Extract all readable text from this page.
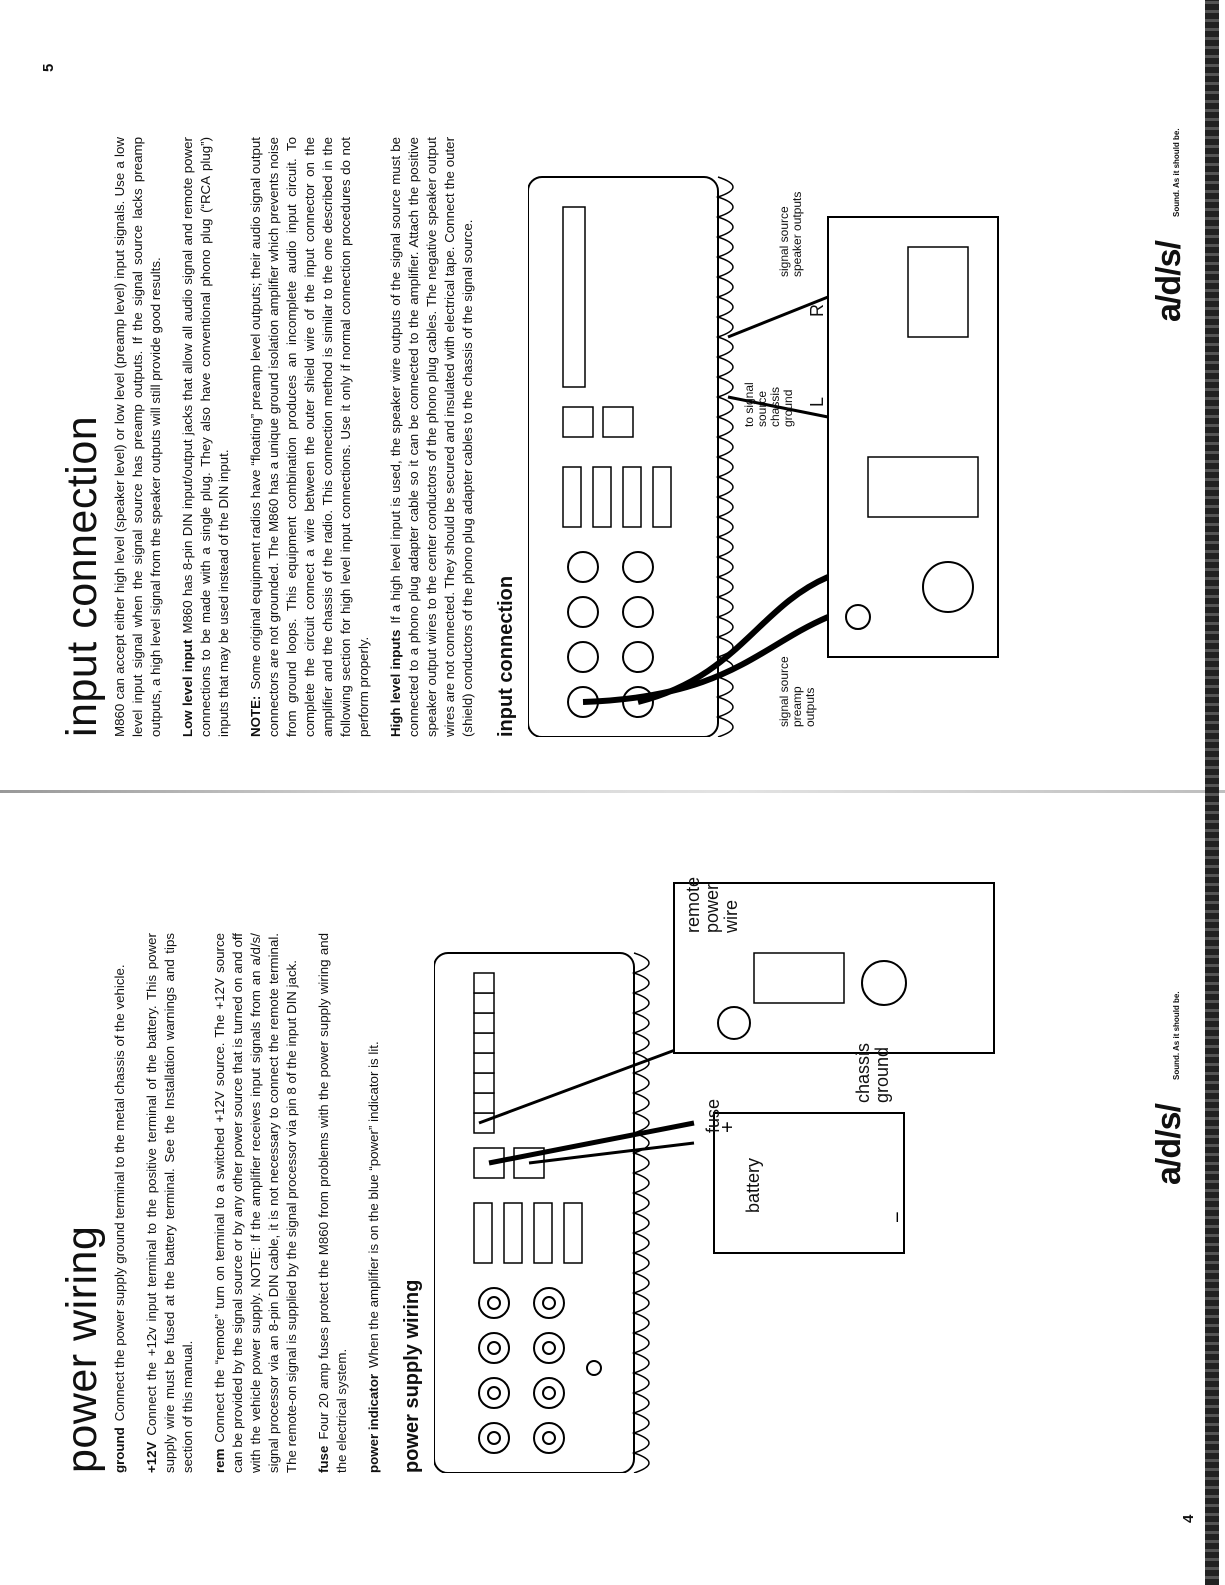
power wiring groundConnect the power supply ground terminal to the metal chassis of the vehicle.

+12VConnect the +12v input terminal to the positive terminal of the battery. This power supply wire must be fused at the battery terminal. See the Installation warnings and tips section of this manual. remConnect the “remote” turn on terminal to a switched +12V source. The +12V source can be provided by the signal source or by any other power source that is turned on and off with the vehicle power supply. NOTE: If the amplifier receives input signals from an a/d/s/ signal processor via an 8-pin DIN cable, it is not necessary to connect the remote terminal. The remote-on signal is supplied by the signal processor via pin 8 of the input DIN jack. fuseFour 20 amp fuses protect the M860 from problems with the power supply wiring and the electrical system. power indicatorWhen the amplifier is on the blue “power” indicator is lit.

power supply wiring
−
+
battery
fuse
chassis ground
remote power wire
a/d/s/
Sound. As it should be.
4
input connection M860 can accept either high level (speaker level) or low level (preamp level) input signals. Use a low level input signal when the signal source has preamp outputs. If the signal source lacks preamp outputs, a high level signal from the speaker outputs will still provide good results. Low level inputM860 has 8-pin DIN input/output jacks that allow all audio signal and remote power connections to be made with a single plug. They also have conventional phono plug (“RCA plug”) inputs that may be used instead of the DIN input. NOTE:Some original equipment radios have “floating” preamp level outputs; their audio signal output connectors are not grounded. The M860 has a unique ground isolation amplifier which prevents noise from ground loops. This equipment combination produces an incomplete audio input circuit. To complete the circuit connect a wire between the outer shield wire of the input connector on the amplifier and the chassis of the radio. This connection method is similar to the one described in the following section for high level input connections. Use it only if normal connection procedures do not perform properly. High level inputsIf a high level input is used, the speaker wire outputs of the signal source must be connected to a phono plug adapter cable so it can be connected to the amplifier. Attach the positive speaker output wires to the center conductors of the phono plug cables. The negative speaker output wires are not connected. They should be secured and insulated with electrical tape. Connect the outer (shield) conductors of the phono plug adapter cables to the chassis of the signal source. input connection	signal source preamp outputs
signal source speaker outputs
to signal source chassis ground L
R	a/d/s/
Sound. As it should be.
5
